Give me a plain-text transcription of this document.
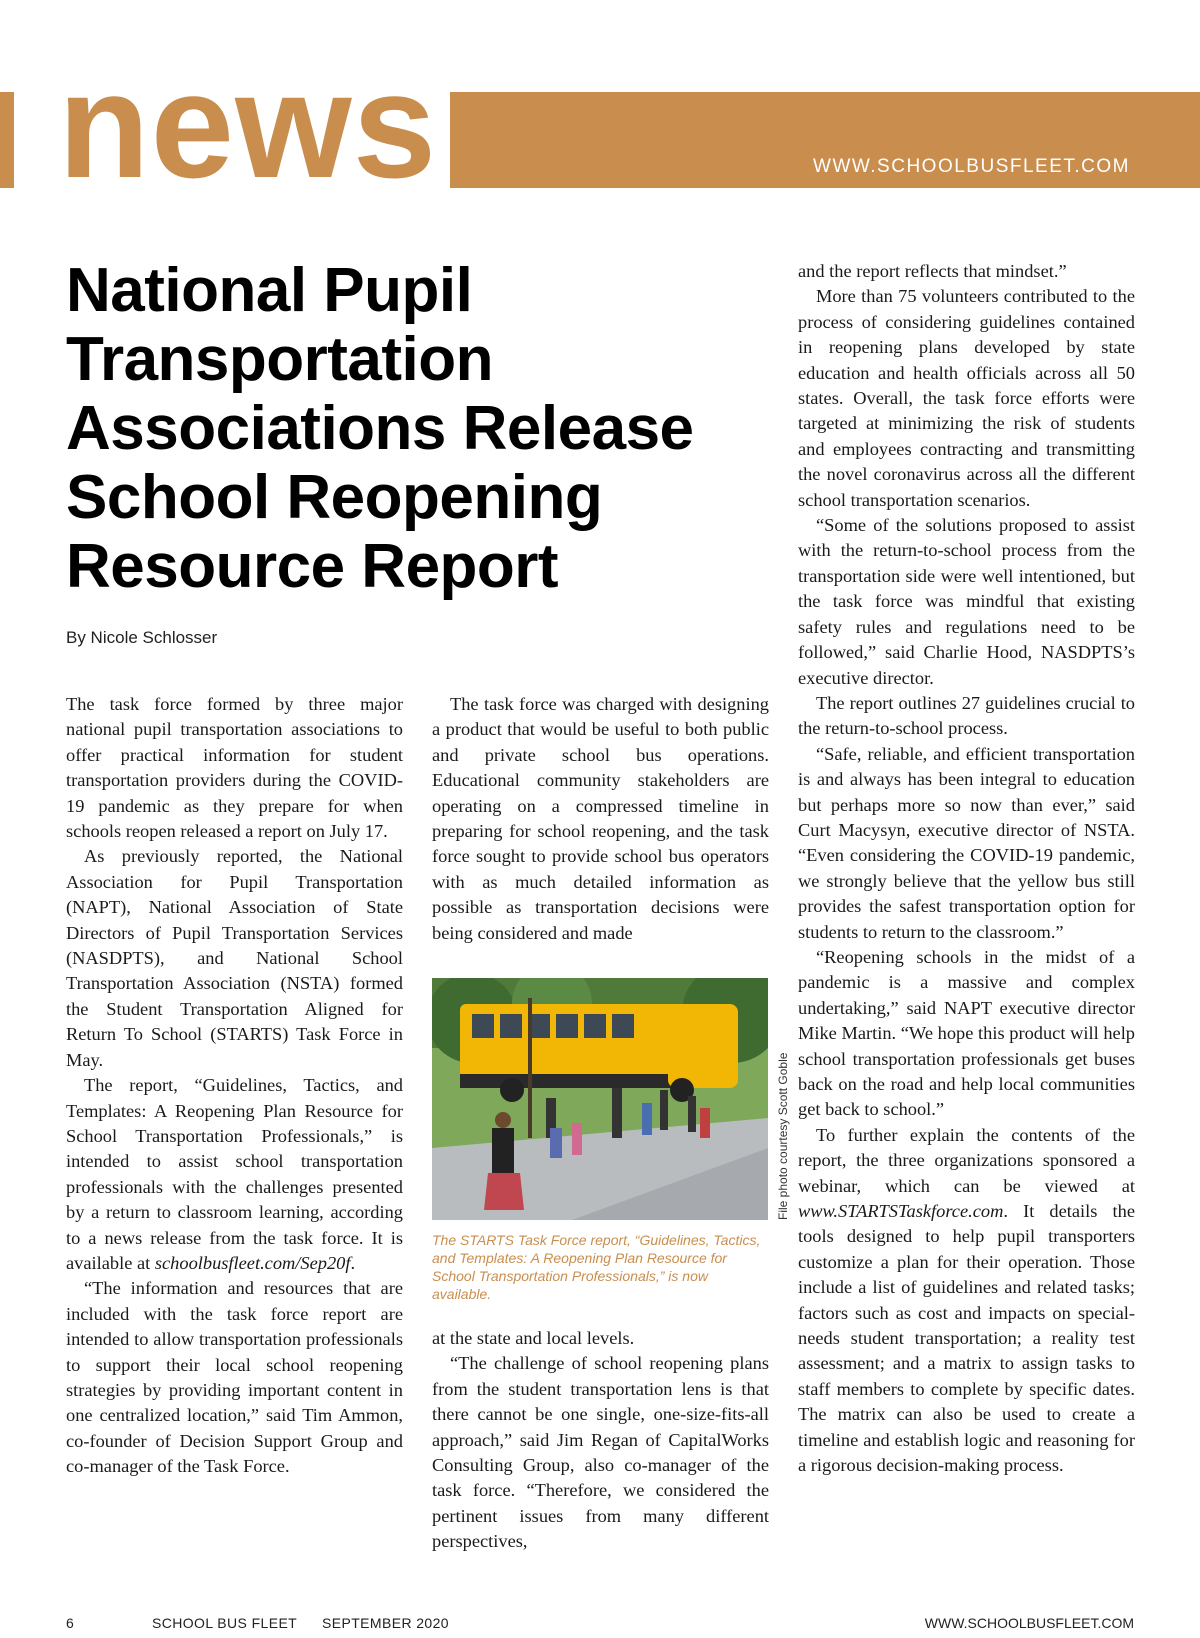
news	WWW.SCHOOLBUSFLEET.COM
National Pupil Transportation Associations Release School Reopening Resource Report
By Nicole Schlosser

The task force formed by three major national pupil transportation associations to offer practical information for student transportation providers during the COVID-19 pandemic as they prepare for when schools reopen released a report on July 17.

As previously reported, the National Association for Pupil Transportation (NAPT), National Association of State Directors of Pupil Transportation Services (NASDPTS), and National School Transportation Association (NSTA) formed the Student Transportation Aligned for Return To School (STARTS) Task Force in May.

The report, “Guidelines, Tactics, and Templates: A Reopening Plan Resource for School Transportation Professionals,” is intended to assist school transportation professionals with the challenges presented by a return to classroom learning, according to a news release from the task force. It is available at schoolbusfleet.com/Sep20f.

“The information and resources that are included with the task force report are intended to allow transportation professionals to support their local school reopening strategies by providing important content in one centralized location,” said Tim Ammon, co-founder of Decision Support Group and co-manager of the Task Force.

The task force was charged with designing a product that would be useful to both public and private school bus operations. Educational community stakeholders are operating on a compressed timeline in preparing for school reopening, and the task force sought to provide school bus operators with as much detailed information as possible as transportation decisions were being considered and made

File photo courtesy Scott Goble
The STARTS Task Force report, “Guidelines, Tactics, and Templates: A Reopening Plan Resource for School Transportation Professionals,” is now available.

at the state and local levels.

“The challenge of school reopening plans from the student transportation lens is that there cannot be one single, one-size-fits-all approach,” said Jim Regan of CapitalWorks Consulting Group, also co-manager of the task force. “Therefore, we considered the pertinent issues from many different perspectives,

and the report reflects that mindset.”

More than 75 volunteers contributed to the process of considering guidelines contained in reopening plans developed by state education and health officials across all 50 states. Overall, the task force efforts were targeted at minimizing the risk of students and employees contracting and transmitting the novel coronavirus across all the different school transportation scenarios.

“Some of the solutions proposed to assist with the return-to-school process from the transportation side were well intentioned, but the task force was mindful that existing safety rules and regulations need to be followed,” said Charlie Hood, NASDPTS’s executive director.

The report outlines 27 guidelines crucial to the return-to-school process.

“Safe, reliable, and efficient transportation is and always has been integral to education but perhaps more so now than ever,” said Curt Macysyn, executive director of NSTA. “Even considering the COVID-19 pandemic, we strongly believe that the yellow bus still provides the safest transportation option for students to return to the classroom.”

“Reopening schools in the midst of a pandemic is a massive and complex undertaking,” said NAPT executive director Mike Martin. “We hope this product will help school transportation professionals get buses back on the road and help local communities get back to school.”

To further explain the contents of the report, the three organizations sponsored a webinar, which can be viewed at www.STARTSTaskforce.com. It details the tools designed to help pupil transporters customize a plan for their operation. Those include a list of guidelines and related tasks; factors such as cost and impacts on special-needs student transportation; a reality test assessment; and a matrix to assign tasks to staff members to complete by specific dates. The matrix can also be used to create a timeline and establish logic and reasoning for a rigorous decision-making process.

6	SCHOOL BUS FLEET SEPTEMBER 2020	WWW.SCHOOLBUSFLEET.COM
